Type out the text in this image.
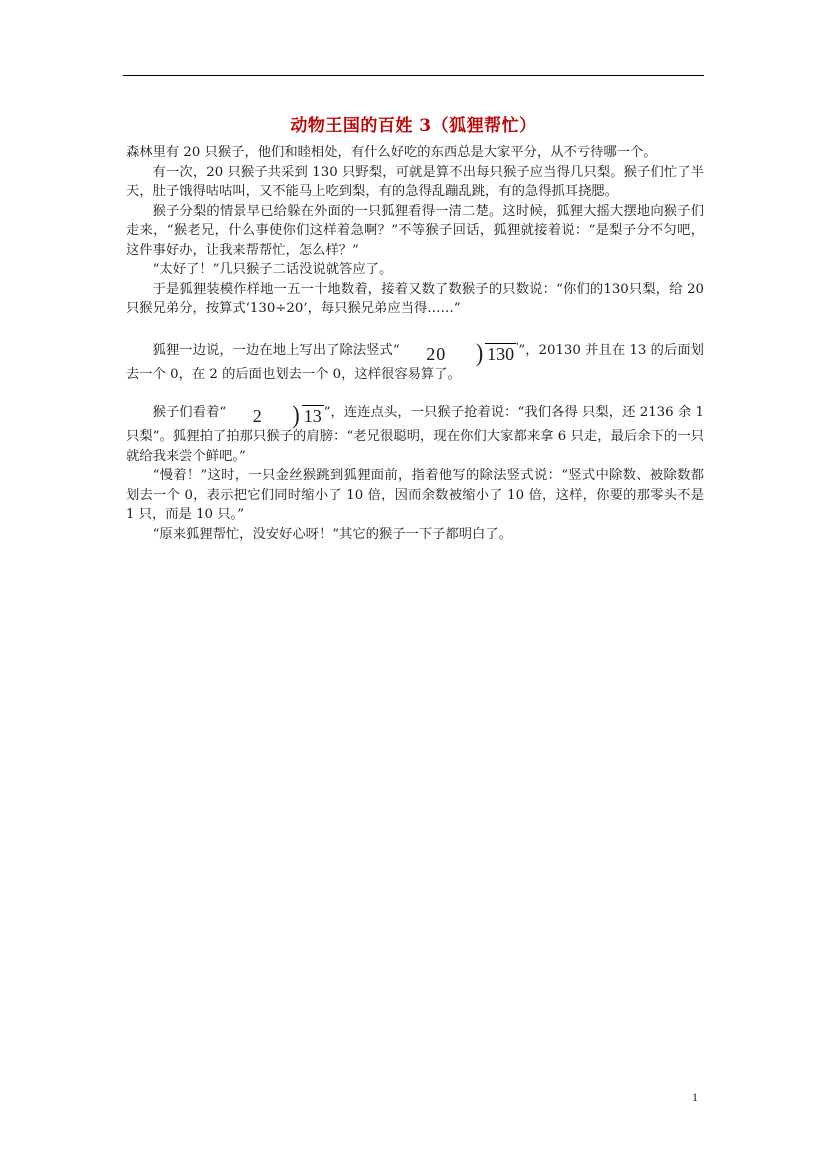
动物王国的百姓 3（狐狸帮忙）

森林里有 20 只猴子，他们和睦相处，有什么好吃的东西总是大家平分，从不亏待哪一个。

有一次，20 只猴子共采到 130 只野梨，可就是算不出每只猴子应当得几只梨。猴子们忙了半天，肚子饿得咕咕叫，又不能马上吃到梨，有的急得乱蹦乱跳，有的急得抓耳挠腮。

猴子分梨的情景早已给躲在外面的一只狐狸看得一清二楚。这时候，狐狸大摇大摆地向猴子们走来，“猴老兄，什么事使你们这样着急啊？”不等猴子回话，狐狸就接着说：“是梨子分不匀吧，这件事好办，让我来帮帮忙，怎么样？”

“太好了！”几只猴子二话没说就答应了。

于是狐狸装模作样地一五一十地数着，接着又数了数猴子的只数说：“你们的130只梨，给 20 只猴兄弟分，按算式‘130÷20’，每只猴兄弟应当得……”

狐狸一边说，一边在地上写出了除法竖式“ 20 ) 130 '”，20130 并且在 13 的后面划去一个 0，在 2 的后面也划去一个 0，这样很容易算了。

猴子们看着“ 2 ) 13 ”，连连点头，一只猴子抢着说：“我们各得 只梨，还 2136 余 1 只梨”。狐狸拍了拍那只猴子的肩膀：“老兄很聪明，现在你们大家都来拿 6 只走，最后余下的一只就给我来尝个鲜吧。”

“慢着！”这时，一只金丝猴跳到狐狸面前，指着他写的除法竖式说：“竖式中除数、被除数都划去一个 0，表示把它们同时缩小了 10 倍，因而余数被缩小了 10 倍，这样，你要的那零头不是 1 只，而是 10 只。”

“原来狐狸帮忙，没安好心呀！”其它的猴子一下子都明白了。

1
